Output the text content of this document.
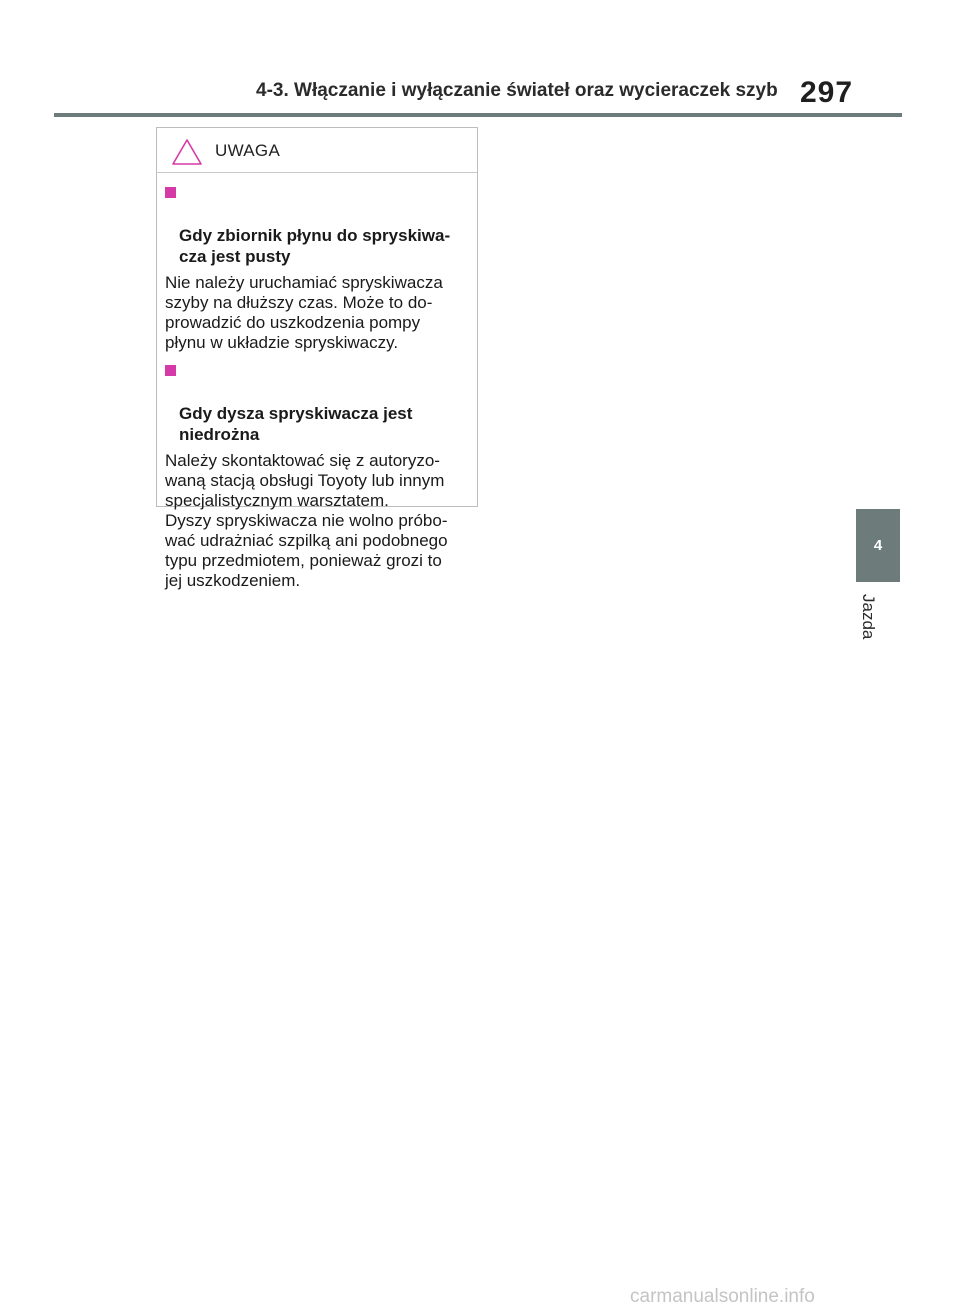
4-3. Włączanie i wyłączanie świateł oraz wycieraczek szyb 297
UWAGA

Gdy zbiornik płynu do spryskiwa-
cza jest pusty

Nie należy uruchamiać spryskiwacza
szyby na dłuższy czas. Może to do-
prowadzić do uszkodzenia pompy
płynu w układzie spryskiwaczy.

Gdy dysza spryskiwacza jest
niedrożna

Należy skontaktować się z autoryzo-
waną stacją obsługi Toyoty lub innym
specjalistycznym warsztatem.
Dyszy spryskiwacza nie wolno próbo-
wać udrażniać szpilką ani podobnego
typu przedmiotem, ponieważ grozi to
jej uszkodzeniem.
4
Jazda
carmanualsonline.info
